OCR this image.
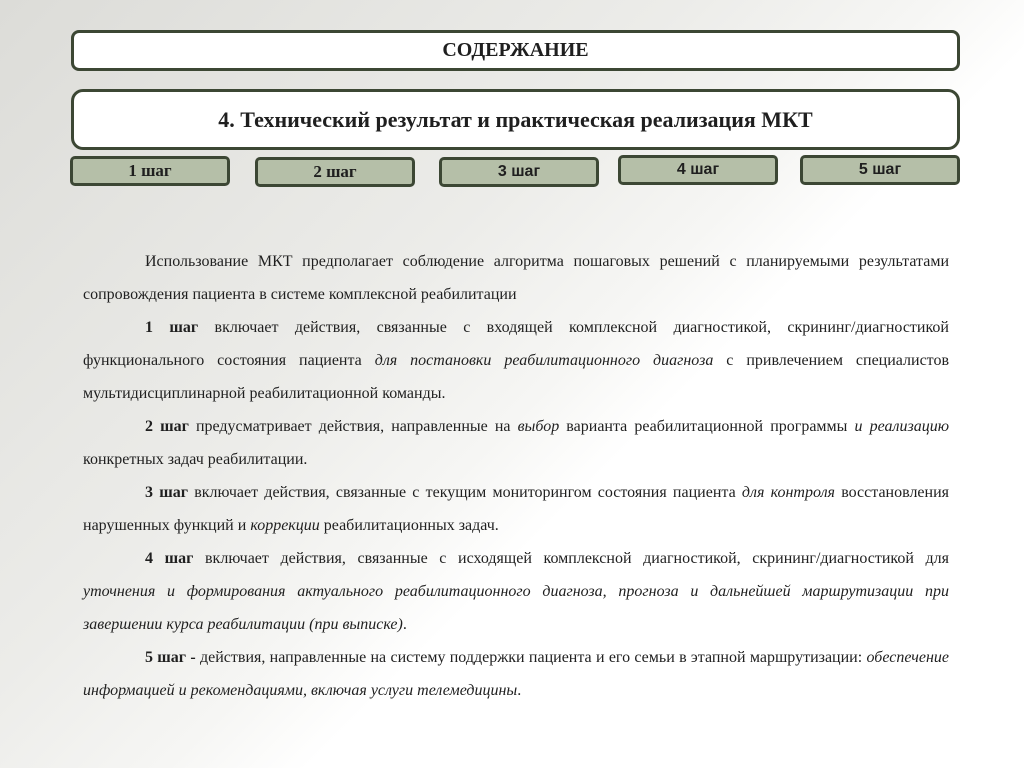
СОДЕРЖАНИЕ
4. Технический результат и практическая реализация МКТ
1 шаг	2 шаг	3 шаг	4 шаг	5 шаг

Использование МКТ предполагает соблюдение алгоритма пошаговых решений с планируемыми результатами сопровождения пациента в системе комплексной реабилитации

1 шаг включает действия, связанные с входящей комплексной диагностикой, скрининг/диагностикой функционального состояния пациента для постановки реабилитационного диагноза с привлечением специалистов мультидисциплинарной реабилитационной команды.

2 шаг предусматривает действия, направленные на выбор варианта реабилитационной программы и реализацию конкретных задач реабилитации.

3 шаг включает действия, связанные с текущим мониторингом состояния пациента для контроля восстановления нарушенных функций и коррекции реабилитационных задач.

4 шаг включает действия, связанные с исходящей комплексной диагностикой, скрининг/диагностикой для уточнения и формирования актуального реабилитационного диагноза, прогноза и дальнейшей маршрутизации при завершении курса реабилитации (при выписке).

5 шаг - действия, направленные на систему поддержки пациента и его семьи в этапной маршрутизации: обеспечение информацией и рекомендациями, включая услуги телемедицины.
